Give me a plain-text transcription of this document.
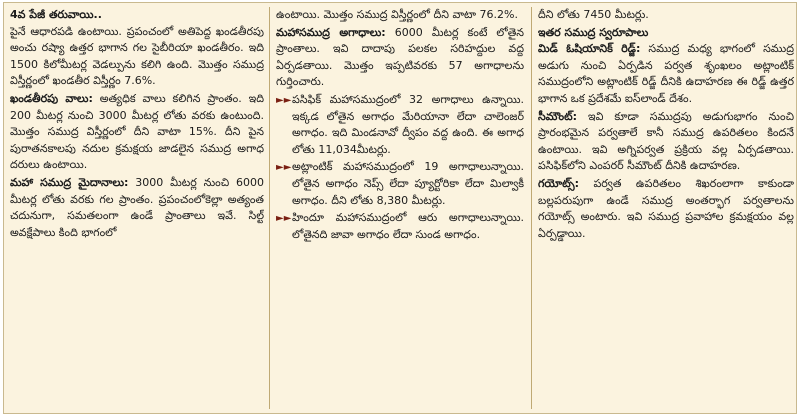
4వ పేజీ తరువాయి..

పైనే ఆధారపడి ఉంటాయి. ప్రపంచంలో అతిపెద్ద ఖండతీరపు అంచు రష్యా ఉత్తర భాగాన గల సైబీరియా ఖండతీరం. ఇది 1500 కిలోమీటర్ల వెడల్పును కలిగి ఉంది. మొత్తం సముద్ర విస్తీర్ణంలో ఖండతీర విస్తీర్ణం 7.6%.

ఖండతీరపు వాలు: అత్యధిక వాలు కలిగిన ప్రాంతం. ఇది 200 మీటర్ల నుంచి 3000 మీటర్ల లోతు వరకు ఉంటుంది. మొత్తం సముద్ర విస్తీర్ణంలో దీని వాటా 15%. దీని పైన పురాతనకాలపు నదుల క్రమక్షయ జాడలైన సముద్ర అగాధ దరులు ఉంటాయి.

మహా సముద్ర మైదానాలు: 3000 మీటర్ల నుంచి 6000 మీటర్ల లోతు వరకు గల ప్రాంతం. ప్రపంచంలోకెల్లా అత్యంత చదునుగా, సమతలంగా ఉండే ప్రాంతాలు ఇవే. సిల్ట్ అవక్షేపాలు కింది భాగంలో

ఉంటాయి. మొత్తం సముద్ర విస్తీర్ణంలో దీని వాటా 76.2%.

మహాసముద్ర అగాధాలు: 6000 మీటర్ల కంటే లోతైన ప్రాంతాలు. ఇవి దాదాపు పలకల సరిహద్దుల వద్ద ఏర్పడతాయి. మొత్తం ఇప్పటివరకు 57 అగాధాలను గుర్తించారు.

►► పసిఫిక్ మహాసముద్రంలో 32 అగాధాలు ఉన్నాయి. ఇక్కడ లోతైన అగాధం మేరియానా లేదా చాలెంజర్ అగాధం. ఇది మిండనావో ద్వీపం వద్ద ఉంది. ఈ అగాధ లోతు 11,034మీటర్లు.

►► అట్లాంటిక్ మహాసముద్రంలో 19 అగాధాలున్నాయి. లోతైన అగాధం నెప్స్ లేదా ప్యూర్టోరికా లేదా మిల్వాకీ అగాధం. దీని లోతు 8,380 మీటర్లు.

►► హిందూ మహాసముద్రంలో ఆరు అగాధాలున్నాయి. లోతైనది జావా అగాధం లేదా సుండ అగాధం.

దీని లోతు 7450 మీటర్లు.

ఇతర సముద్ర స్వరూపాలు

మిడ్ ఓషియానిక్ రిడ్జ్: సముద్ర మధ్య భాగంలో సముద్ర అడుగు నుంచి ఏర్పడిన పర్వత శృంఖలం అట్లాంటిక్ సముద్రంలోని అట్లాంటిక్ రిడ్జ్ దీనికి ఉదాహరణ ఈ రిడ్జ్ ఉత్తర భాగాన ఒక ప్రదేశమే ఐస్‌లాండ్ దేశం.

సీమౌంట్: ఇవి కూడా సముద్రపు అడుగుభాగం నుంచి ప్రారంభమైన పర్వతాలే కానీ సముద్ర ఉపరితలం కిందనే ఉంటాయి. ఇవి అగ్నిపర్వత ప్రక్రియ వల్ల ఏర్పడతాయి. పసిఫిక్‌లోని ఎంపరర్ సీమౌంట్ దీనికి ఉదాహరణ.

గయోట్స్: పర్వత ఉపరితలం శిఖరంలాగా కాకుండా బల్లపరుపుగా ఉండే సముద్ర అంతర్భాగ పర్వతాలను గయోట్స్ అంటారు. ఇవి సముద్ర ప్రవాహాల క్రమక్షయం వల్ల ఏర్పడ్డాయి.
